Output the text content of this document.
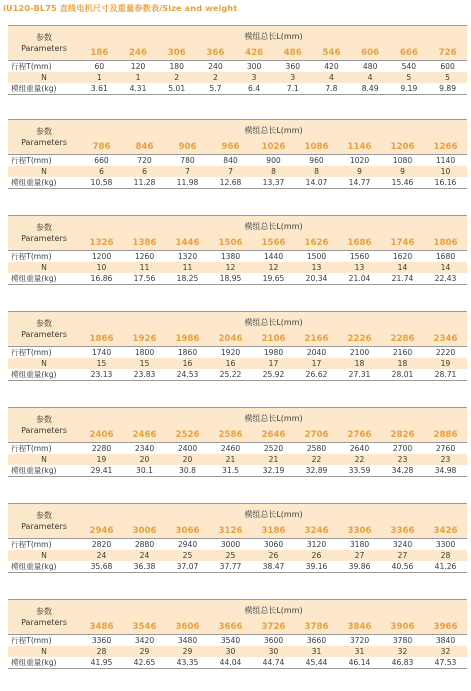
iU120-BL75 直线电机尺寸及重量参数表/Size and weight
参数
Parameters	模组总长L(mm)									
	186	246	306	366	426	486	546	606	666	726
行程T(mm)	60	120	180	240	300	360	420	480	540	600
N	1	1	2	2	3	3	4	4	5	5
模组重量(kg)	3.61	4.31	5.01	5.7	6.4	7.1	7.8	8.49	9.19	9.89
参数
Parameters	模组总长L(mm)								
	786	846	906	966	1026	1086	1146	1206	1266
行程T(mm)	660	720	780	840	900	960	1020	1080	1140
N	6	6	7	7	8	8	9	9	10
模组重量(kg)	10.58	11.28	11.98	12.68	13.37	14.07	14.77	15.46	16.16
参数
Parameters	模组总长L(mm)								
	1326	1386	1446	1506	1566	1626	1686	1746	1806
行程T(mm)	1200	1260	1320	1380	1440	1500	1560	1620	1680
N	10	11	11	12	12	13	13	14	14
模组重量(kg)	16.86	17.56	18.25	18.95	19.65	20.34	21.04	21.74	22.43
参数
Parameters	模组总长L(mm)								
	1866	1926	1986	2046	2106	2166	2226	2286	2346
行程T(mm)	1740	1800	1860	1920	1980	2040	2100	2160	2220
N	15	15	16	16	17	17	18	18	19
模组重量(kg)	23.13	23.83	24.53	25.22	25.92	26.62	27.31	28.01	28.71
参数
Parameters	模组总长L(mm)								
	2406	2466	2526	2586	2646	2706	2766	2826	2886
行程T(mm)	2280	2340	2400	2460	2520	2580	2640	2700	2760
N	19	20	20	21	21	22	22	23	23
模组重量(kg)	29.41	30.1	30.8	31.5	32.19	32.89	33.59	34.28	34.98
参数
Parameters	模组总长L(mm)								
	2946	3006	3066	3126	3186	3246	3306	3366	3426
行程T(mm)	2820	2880	2940	3000	3060	3120	3180	3240	3300
N	24	24	25	25	26	26	27	27	28
模组重量(kg)	35.68	36.38	37.07	37.77	38.47	39.16	39.86	40.56	41.26
参数
Parameters	模组总长L(mm)								
	3486	3546	3606	3666	3726	3786	3846	3906	3966
行程T(mm)	3360	3420	3480	3540	3600	3660	3720	3780	3840
N	28	29	29	30	30	31	31	32	32
模组重量(kg)	41.95	42.65	43.35	44.04	44.74	45.44	46.14	46.83	47.53
